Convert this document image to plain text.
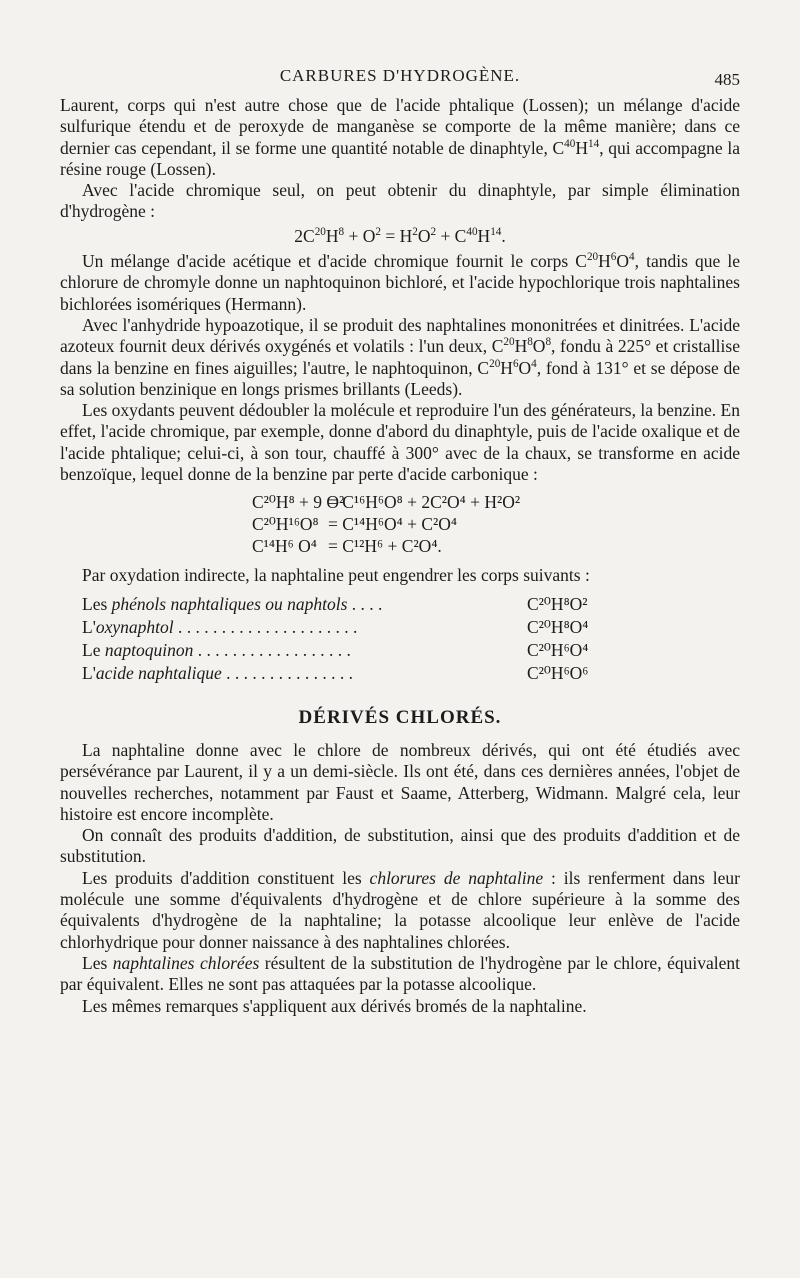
CARBURES D'HYDROGÈNE.	485

Laurent, corps qui n'est autre chose que de l'acide phtalique (Lossen); un mélange d'acide sulfurique étendu et de peroxyde de manganèse se comporte de la même manière; dans ce dernier cas cependant, il se forme une quantité notable de dinaphtyle, $C^{40}H^{14}$, qui accompagne la résine rouge (Lossen).

Avec l'acide chromique seul, on peut obtenir du dinaphtyle, par simple élimination d'hydrogène :

$2C^{20}H^8 + O^2 = H^2O^2 + C^{40}H^{14}$.

Un mélange d'acide acétique et d'acide chromique fournit le corps $C^{20}H^6O^4$, tandis que le chlorure de chromyle donne un naphtoquinon bichloré, et l'acide hypochlorique trois naphtalines bichlorées isomériques (Hermann).

Avec l'anhydride hypoazotique, il se produit des naphtalines mononitrées et dinitrées. L'acide azoteux fournit deux dérivés oxygénés et volatils : l'un deux, $C^{20}H^8O^8$, fondu à 225° et cristallise dans la benzine en fines aiguilles; l'autre, le naphtoquinon, $C^{20}H^6O^4$, fond à 131° et se dépose de sa solution benzinique en longs prismes brillants (Leeds).

Les oxydants peuvent dédoubler la molécule et reproduire l'un des générateurs, la benzine. En effet, l'acide chromique, par exemple, donne d'abord du dinaphtyle, puis de l'acide oxalique et de l'acide phtalique; celui-ci, à son tour, chauffé à 300° avec de la chaux, se transforme en acide benzoïque, lequel donne de la benzine par perte d'acide carbonique :

C²⁰H⁸ + 9 O²= C¹⁶H⁶O⁸ + 2C²O⁴ + H²O²
C²⁰H¹⁶O⁸ = C¹⁴H⁶O⁴ + C²O⁴
C¹⁴H⁶ O⁴ = C¹²H⁶ + C²O⁴.

Par oxydation indirecte, la naphtaline peut engendrer les corps suivants :

Les phénols naphtaliques ou naphtols . . . .	C²⁰H⁸O²
L'oxynaphtol . . . . . . . . . . . . . . . . . . . . .	C²⁰H⁸O⁴
Le naptoquinon . . . . . . . . . . . . . . . . . .	C²⁰H⁶O⁴
L'acide naphtalique . . . . . . . . . . . . . . .	C²⁰H⁶O⁶
DÉRIVÉS CHLORÉS.

La naphtaline donne avec le chlore de nombreux dérivés, qui ont été étudiés avec persévérance par Laurent, il y a un demi-siècle. Ils ont été, dans ces dernières années, l'objet de nouvelles recherches, notamment par Faust et Saame, Atterberg, Widmann. Malgré cela, leur histoire est encore incomplète.

On connaît des produits d'addition, de substitution, ainsi que des produits d'addition et de substitution.

Les produits d'addition constituent les chlorures de naphtaline : ils renferment dans leur molécule une somme d'équivalents d'hydrogène et de chlore supérieure à la somme des équivalents d'hydrogène de la naphtaline; la potasse alcoolique leur enlève de l'acide chlorhydrique pour donner naissance à des naphtalines chlorées.

Les naphtalines chlorées résultent de la substitution de l'hydrogène par le chlore, équivalent par équivalent. Elles ne sont pas attaquées par la potasse alcoolique.

Les mêmes remarques s'appliquent aux dérivés bromés de la naphtaline.
